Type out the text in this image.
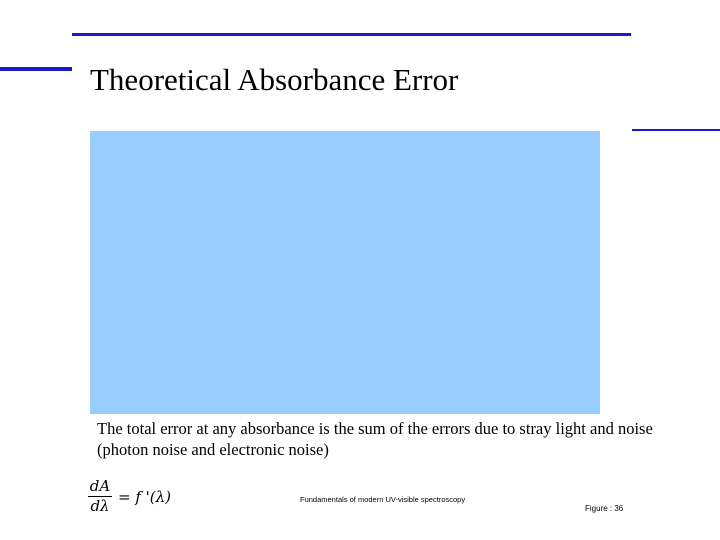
Theoretical Absorbance Error
The total error at any absorbance is the sum of the errors due to stray light and noise (photon noise and electronic noise)
$\frac{dA}{d\lambda} = f$ '(λ)	Fundamentals of modern UV-visible spectroscopy
Figure : 36
